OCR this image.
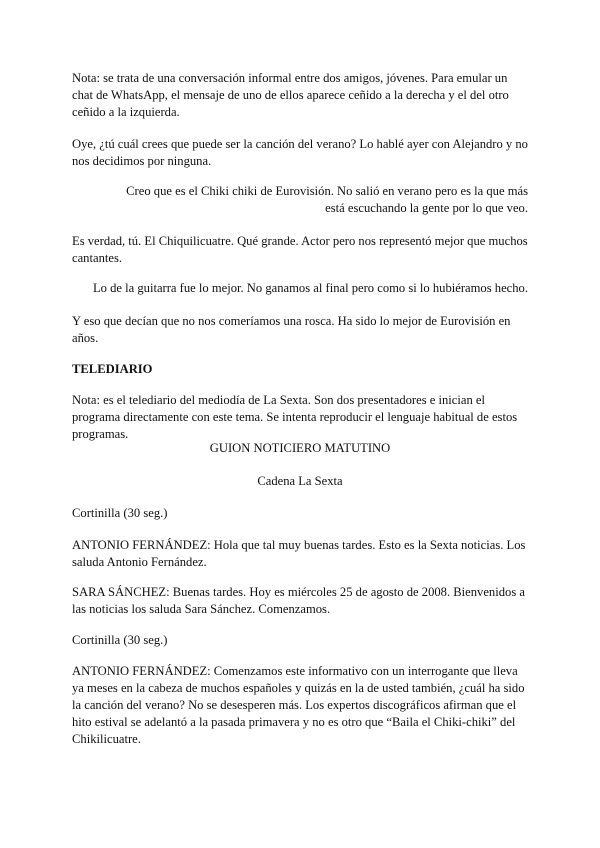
Nota: se trata de una conversación informal entre dos amigos, jóvenes. Para emular un chat de WhatsApp, el mensaje de uno de ellos aparece ceñido a la derecha y el del otro ceñido a la izquierda.

Oye, ¿tú cuál crees que puede ser la canción del verano? Lo hablé ayer con Alejandro y no nos decidimos por ninguna.

Creo que es el Chiki chiki de Eurovisión. No salió en verano pero es la que más está escuchando la gente por lo que veo.

Es verdad, tú. El Chiquilicuatre. Qué grande. Actor pero nos representó mejor que muchos cantantes.

Lo de la guitarra fue lo mejor. No ganamos al final pero como si lo hubiéramos hecho.

Y eso que decían que no nos comeríamos una rosca. Ha sido lo mejor de Eurovisión en años.

TELEDIARIO

Nota: es el telediario del mediodía de La Sexta. Son dos presentadores e inician el programa directamente con este tema. Se intenta reproducir el lenguaje habitual de estos programas.

GUION NOTICIERO MATUTINO

Cadena La Sexta

Cortinilla (30 seg.)

ANTONIO FERNÁNDEZ: Hola que tal muy buenas tardes. Esto es la Sexta noticias. Los saluda Antonio Fernández.

SARA SÁNCHEZ: Buenas tardes. Hoy es miércoles 25 de agosto de 2008. Bienvenidos a las noticias los saluda Sara Sánchez. Comenzamos.

Cortinilla (30 seg.)

ANTONIO FERNÁNDEZ: Comenzamos este informativo con un interrogante que lleva ya meses en la cabeza de muchos españoles y quizás en la de usted también, ¿cuál ha sido la canción del verano? No se desesperen más. Los expertos discográficos afirman que el hito estival se adelantó a la pasada primavera y no es otro que “Baila el Chiki-chiki” del Chikilicuatre.
